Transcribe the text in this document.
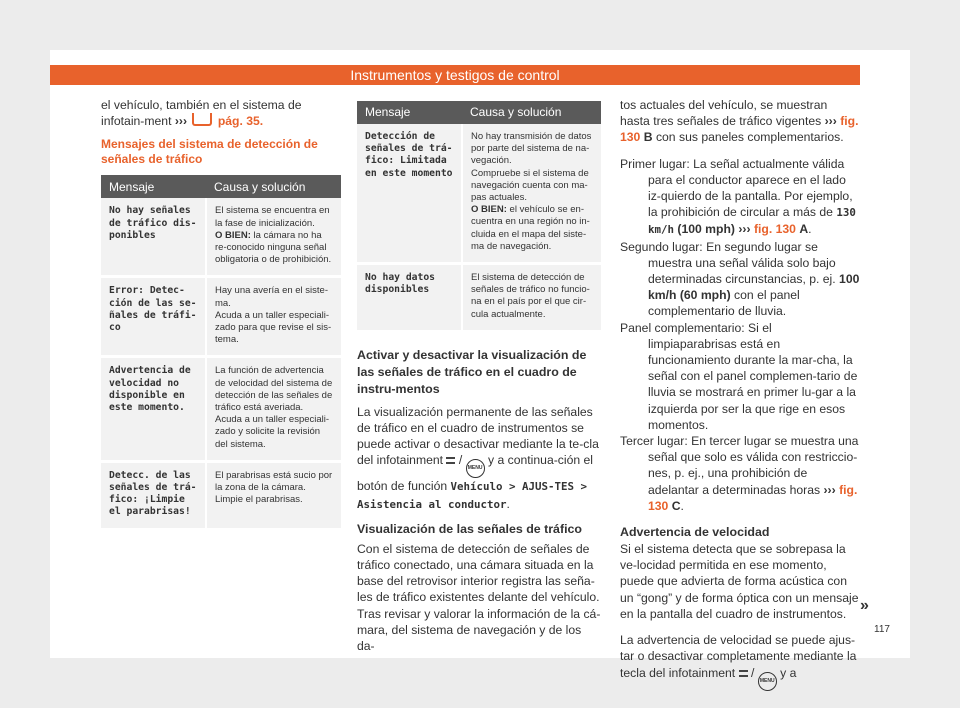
Instrumentos y testigos de control

el vehículo, también en el sistema de infotain-ment ›››	pág. 35.

Mensajes del sistema de detección de señales de tráfico
Mensaje	Causa y solución
No hay señales de tráfico dis-ponibles	El sistema se encuentra en la fase de inicialización.
O BIEN: la cámara no ha re-conocido ninguna señal obligatoria o de prohibición.
Error: Detec-ción de las se-ñales de tráfi-co	Hay una avería en el siste-ma.
Acuda a un taller especiali-zado para que revise el sis-tema.
Advertencia de velocidad no disponible en este momento.	La función de advertencia de velocidad del sistema de detección de las señales de tráfico está averiada.
Acuda a un taller especiali-zado y solicite la revisión del sistema.
Detecc. de las señales de trá-fico: ¡Limpie el parabrisas!	El parabrisas está sucio por la zona de la cámara.
Limpie el parabrisas.
Mensaje	Causa y solución
Detección de señales de trá-fico: Limitada en este momento	No hay transmisión de datos por parte del sistema de na-vegación.
Compruebe si el sistema de navegación cuenta con ma-pas actuales.
O BIEN: el vehículo se en-cuentra en una región no in-cluida en el mapa del siste-ma de navegación.
No hay datos disponibles	El sistema de detección de señales de tráfico no funcio-na en el país por el que cir-cula actualmente.

Activar y desactivar la visualización de las señales de tráfico en el cuadro de instru-mentos

La visualización permanente de las señales de tráfico en el cuadro de instrumentos se puede activar o desactivar mediante la te-cla del infotainment  / MENU y a continua-ción el botón de función Vehículo > AJUS-TES > Asistencia al conductor.

Visualización de las señales de tráfico

Con el sistema de detección de señales de tráfico conectado, una cámara situada en la base del retrovisor interior registra las seña-les de tráfico existentes delante del vehículo. Tras revisar y valorar la información de la cá-mara, del sistema de navegación y de los da-

tos actuales del vehículo, se muestran hasta tres señales de tráfico vigentes ››› fig. 130 B con sus paneles complementarios.

Primer lugar: La señal actualmente válida para el conductor aparece en el lado iz-quierdo de la pantalla. Por ejemplo, la prohibición de circular a más de 130 km/h (100 mph) ››› fig. 130 A.

Segundo lugar: En segundo lugar se muestra una señal válida solo bajo determinadas circunstancias, p. ej. 100 km/h (60 mph) con el panel complementario de lluvia.

Panel complementario: Si el limpiaparabrisas está en funcionamiento durante la mar-cha, la señal con el panel complemen-tario de lluvia se mostrará en primer lu-gar a la izquierda por ser la que rige en esos momentos.

Tercer lugar: En tercer lugar se muestra una señal que solo es válida con restriccio-nes, p. ej., una prohibición de adelantar a determinadas horas ››› fig. 130 C.

Advertencia de velocidad

Si el sistema detecta que se sobrepasa la ve-locidad permitida en ese momento, puede que advierta de forma acústica con un “gong” y de forma óptica con un mensaje en la pantalla del cuadro de instrumentos.

La advertencia de velocidad se puede ajus-tar o desactivar completamente mediante la tecla del infotainment  / MENU y a

»
117
